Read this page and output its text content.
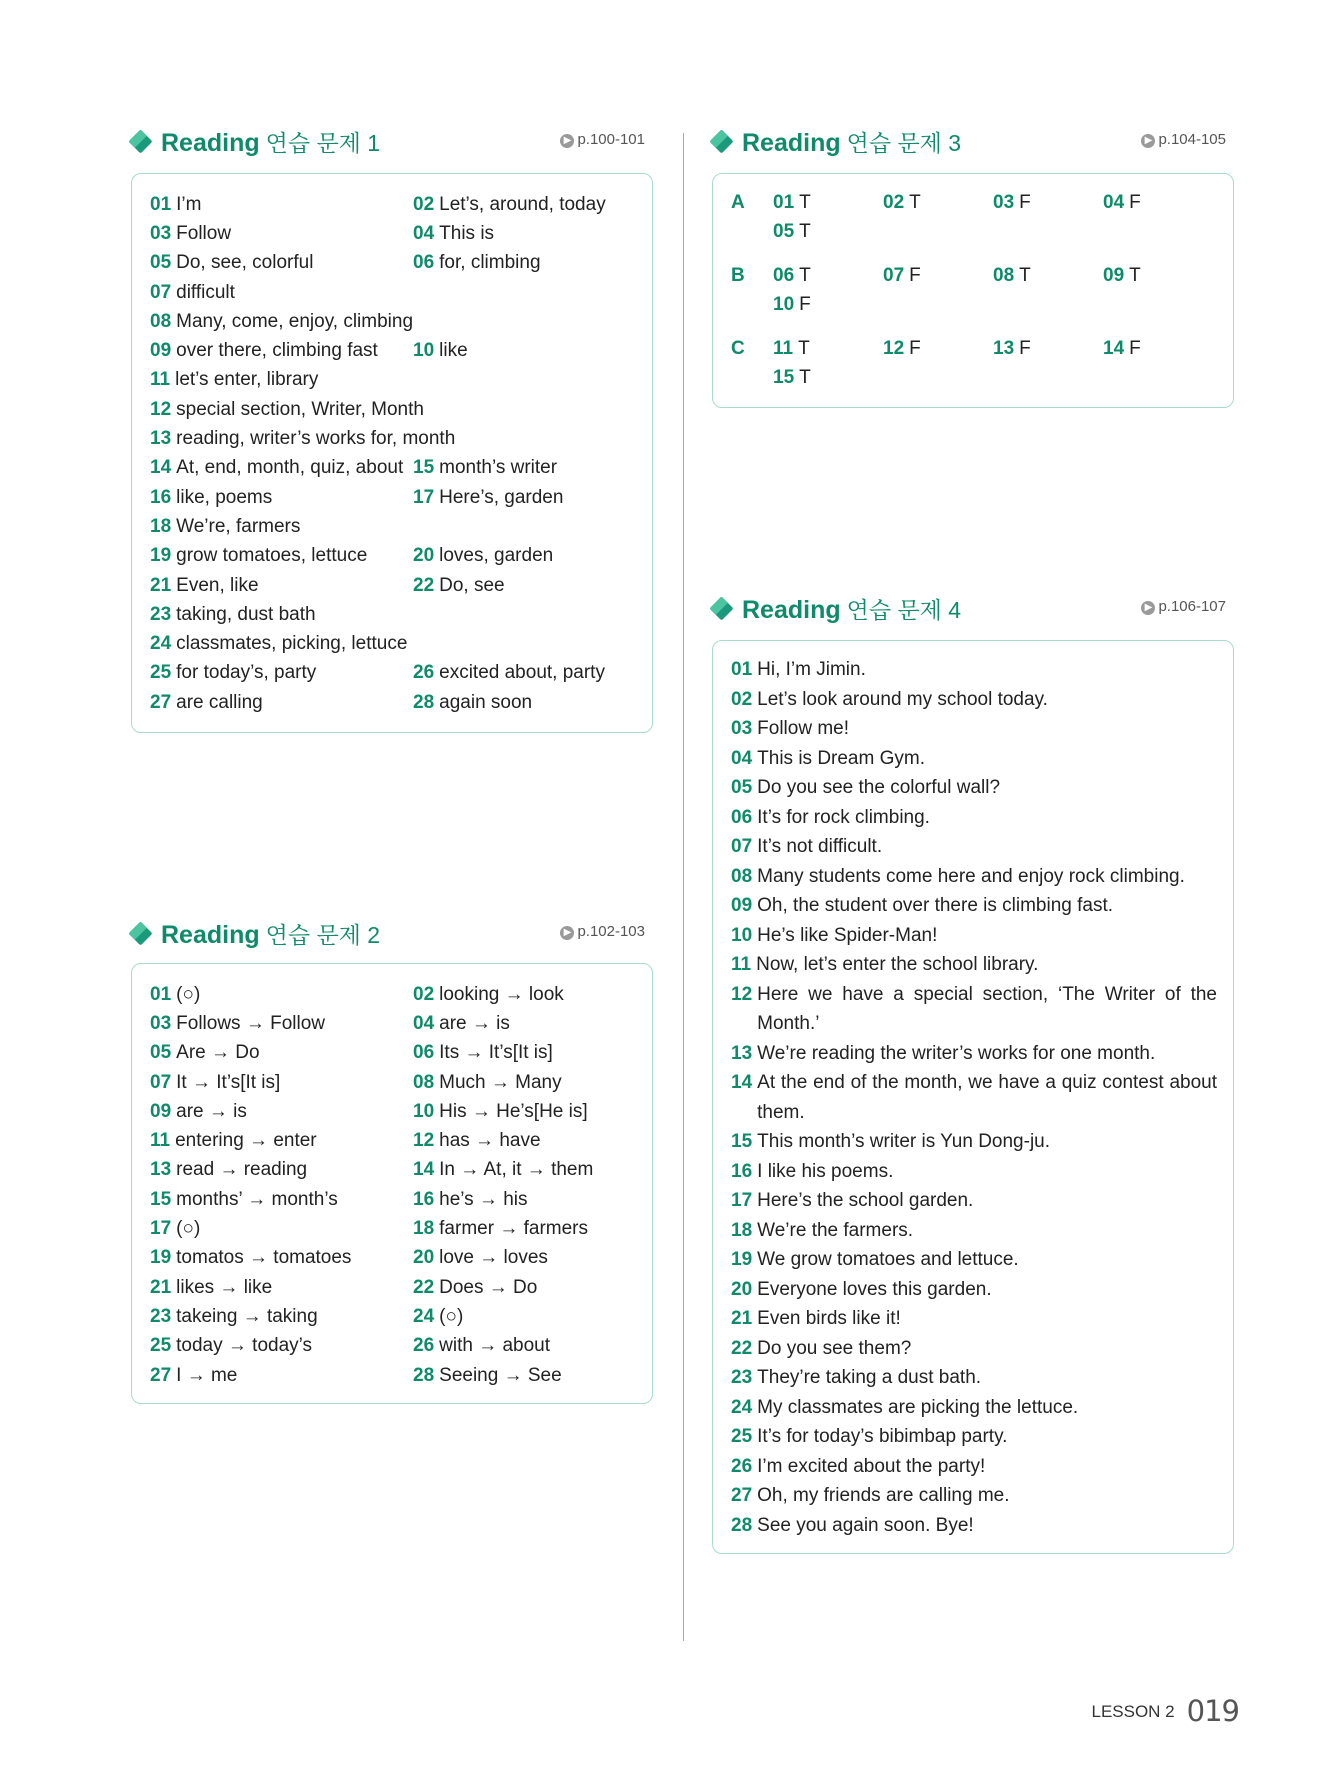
Reading 연습 문제 1	▶ p.100-101
01 I’m	02 Let’s, around, today
03 Follow	04 This is
05 Do, see, colorful	06 for, climbing
07 difficult
08 Many, come, enjoy, climbing
09 over there, climbing fast	10 like
11 let’s enter, library
12 special section, Writer, Month
13 reading, writer’s works for, month
14 At, end, month, quiz, about 15 month’s writer
16 like, poems	17 Here’s, garden
18 We’re, farmers
19 grow tomatoes, lettuce	20 loves, garden
21 Even, like	22 Do, see
23 taking, dust bath
24 classmates, picking, lettuce
25 for today’s, party	26 excited about, party
27 are calling	28 again soon
Reading 연습 문제 2	▶ p.102-103
01 (○)	02 looking → look
03 Follows → Follow	04 are → is
05 Are → Do	06 Its → It’s[It is]
07 It → It’s[It is]	08 Much → Many
09 are → is	10 His → He’s[He is]
11 entering → enter	12 has → have
13 read → reading	14 In → At, it → them
15 months’ → month’s	16 he’s → his
17 (○)	18 farmer → farmers
19 tomatos → tomatoes	20 love → loves
21 likes → like	22 Does → Do
23 takeing → taking	24 (○)
25 today → today’s	26 with → about
27 I → me	28 Seeing → See
Reading 연습 문제 3	▶ p.104-105
A	01 T	02 T	03 F	04 F
05 T
B	06 T	07 F	08 T	09 T
10 F
C	11 T	12 F	13 F	14 F
15 T
Reading 연습 문제 4	▶ p.106-107
01 Hi, I’m Jimin.
02 Let’s look around my school today.
03 Follow me!
04 This is Dream Gym.
05 Do you see the colorful wall?
06 It’s for rock climbing.
07 It’s not difficult.
08 Many students come here and enjoy rock climbing.
09 Oh, the student over there is climbing fast.
10 He’s like Spider-Man!
11 Now, let’s enter the school library.
12 Here we have a special section, ‘The Writer of the Month.’
13 We’re reading the writer’s works for one month.
14 At the end of the month, we have a quiz contest about them.
15 This month’s writer is Yun Dong-ju.
16 I like his poems.
17 Here’s the school garden.
18 We’re the farmers.
19 We grow tomatoes and lettuce.
20 Everyone loves this garden.
21 Even birds like it!
22 Do you see them?
23 They’re taking a dust bath.
24 My classmates are picking the lettuce.
25 It’s for today’s bibimbap party.
26 I’m excited about the party!
27 Oh, my friends are calling me.
28 See you again soon. Bye!
LESSON 2 019
